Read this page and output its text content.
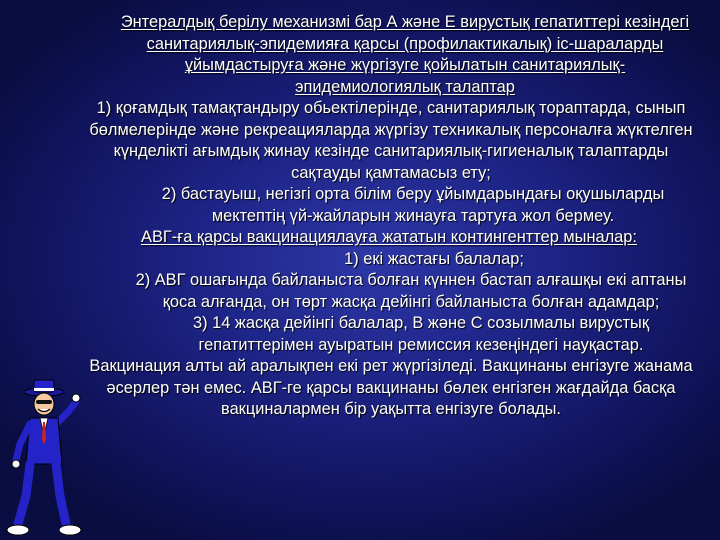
Энтералдық берілу механизмі бар А және Е вирустық гепатиттері кезіндегі санитариялық-эпидемияға қарсы (профилактикалық) іс-шараларды ұйымдастыруға және жүргізуге қойылатын санитариялық-эпидемиологиялық талаптар

1) қоғамдық тамақтандыру обьектілерінде, санитариялық тораптарда, сынып бөлмелерінде және рекреацияларда жүргізу техникалық персоналға жүктелген күнделікті ағымдық жинау кезінде санитариялық-гигиеналық талаптарды сақтауды қамтамасыз ету;

2) бастауыш, негізгі орта білім беру ұйымдарындағы оқушыларды мектептің үй-жайларын жинауға тартуға жол бермеу.

АВГ-ға қарсы вакцинациялауға жататын контингенттер мыналар:

1) екі жастағы балалар;

2) АВГ ошағында байланыста болған күннен бастап алғашқы екі аптаны қоса алғанда, он төрт жасқа дейінгі байланыста болған адамдар;

3) 14 жасқа дейінгі балалар, В және С созылмалы вирустық гепатиттерімен ауыратын ремиссия кезеңіндегі науқастар.

Вакцинация алты ай аралықпен екі рет жүргізіледі. Вакцинаны енгізуге жанама әсерлер тән емес. АВГ-ге қарсы вакцинаны бөлек енгізген жағдайда басқа вакциналармен бір уақытта енгізуге болады.
